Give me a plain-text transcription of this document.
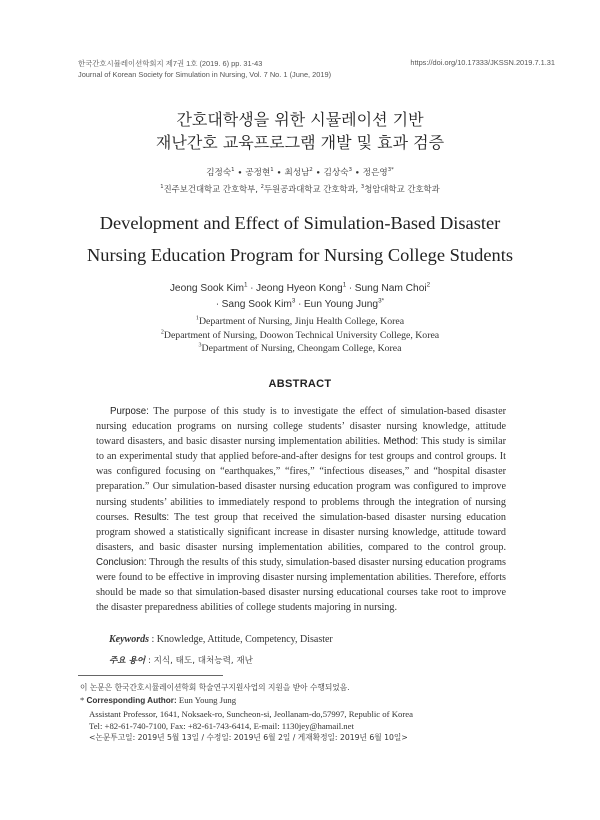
한국간호시뮬레이션학회지 제7권 1호 (2019. 6) pp. 31-43
Journal of Korean Society for Simulation in Nursing, Vol. 7 No. 1 (June, 2019)
https://doi.org/10.17333/JKSSN.2019.7.1.31
간호대학생을 위한 시뮬레이션 기반
재난간호 교육프로그램 개발 및 효과 검증
김정숙$^1$ ∙ 공정현$^1$ ∙ 최성남$^2$ ∙ 김상숙$^3$ ∙ 정은영$^{3*}$
$^1$진주보건대학교 간호학부, $^2$두원공과대학교 간호학과, $^3$청암대학교 간호학과
Development and Effect of Simulation-Based Disaster
Nursing Education Program for Nursing College Students
Jeong Sook Kim$^1$ ∙ Jeong Hyeon Kong$^1$ ∙ Sung Nam Choi$^2$
∙ Sang Sook Kim$^3$ ∙ Eun Young Jung$^{3*}$
$^1$Department of Nursing, Jinju Health College, Korea
$^2$Department of Nursing, Doowon Technical University College, Korea
$^3$Department of Nursing, Cheongam College, Korea
ABSTRACT
Purpose: The purpose of this study is to investigate the effect of simulation-based disaster nursing education programs on nursing college students’ disaster nursing knowledge, attitude toward disasters, and basic disaster nursing implementation abilities. Method: This study is similar to an experimental study that applied before-and-after designs for test groups and control groups. It was configured focusing on “earthquakes,” “fires,” “infectious diseases,” and “hospital disaster preparation.” Our simulation-based disaster nursing education program was configured to improve nursing students’ abilities to immediately respond to problems through the integration of nursing courses. Results: The test group that received the simulation-based disaster nursing education program showed a statistically significant increase in disaster nursing knowledge, attitude toward disasters, and basic disaster nursing implementation abilities, compared to the control group. Conclusion: Through the results of this study, simulation-based disaster nursing education programs were found to be effective in improving disaster nursing implementation abilities. Therefore, efforts should be made so that simulation-based disaster nursing educational courses take root to improve the disaster preparedness abilities of college students majoring in nursing.
Keywords : Knowledge, Attitude, Competency, Disaster
주요 용어 : 지식, 태도, 대처능력, 재난
이 논문은 한국간호시뮬레이션학회 학술연구지원사업의 지원을 받아 수행되었음.
* Corresponding Author: Eun Young Jung
Assistant Professor, 1641, Noksaek-ro, Suncheon-si, Jeollanam-do,57997, Republic of Korea
Tel: +82-61-740-7100, Fax: +82-61-743-6414, E-mail: 1130jey@hamail.net
<논문투고일: 2019년 5월 13일 / 수정일: 2019년 6월 2일 / 게재확정일: 2019년 6월 10일>
